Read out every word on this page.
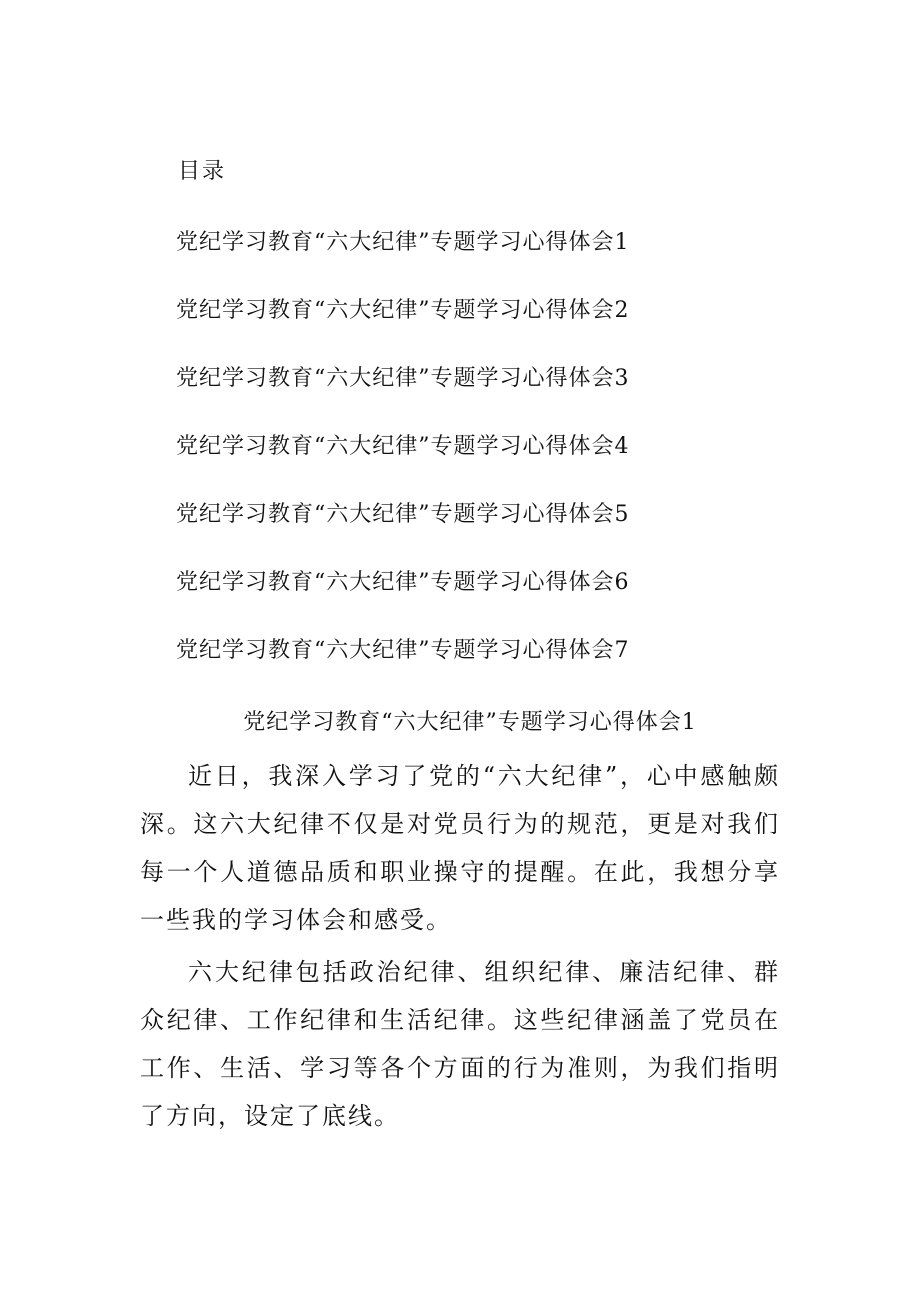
目录
党纪学习教育“六大纪律”专题学习心得体会1
党纪学习教育“六大纪律”专题学习心得体会2
党纪学习教育“六大纪律”专题学习心得体会3
党纪学习教育“六大纪律”专题学习心得体会4
党纪学习教育“六大纪律”专题学习心得体会5
党纪学习教育“六大纪律”专题学习心得体会6
党纪学习教育“六大纪律”专题学习心得体会7
党纪学习教育“六大纪律”专题学习心得体会1

近日，我深入学习了党的“六大纪律”，心中感触颇深。这六大纪律不仅是对党员行为的规范，更是对我们每一个人道德品质和职业操守的提醒。在此，我想分享一些我的学习体会和感受。

六大纪律包括政治纪律、组织纪律、廉洁纪律、群众纪律、工作纪律和生活纪律。这些纪律涵盖了党员在工作、生活、学习等各个方面的行为准则，为我们指明了方向，设定了底线。
